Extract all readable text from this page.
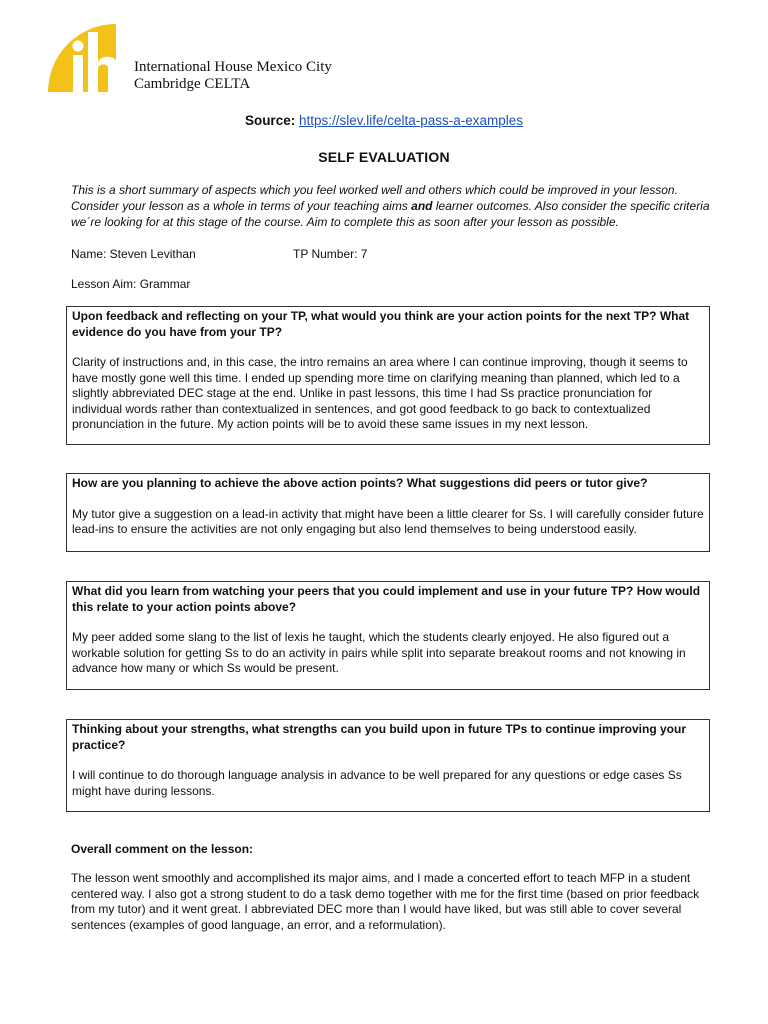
International House Mexico City
Cambridge CELTA
Source: https://slev.life/celta-pass-a-examples
SELF EVALUATION
This is a short summary of aspects which you feel worked well and others which could be improved in your lesson. Consider your lesson as a whole in terms of your teaching aims and learner outcomes. Also consider the specific criteria we´re looking for at this stage of the course. Aim to complete this as soon after your lesson as possible.
Name: Steven Levithan	TP Number: 7
Lesson Aim: Grammar
Upon feedback and reflecting on your TP, what would you think are your action points for the next TP? What evidence do you have from your TP?
Clarity of instructions and, in this case, the intro remains an area where I can continue improving, though it seems to have mostly gone well this time. I ended up spending more time on clarifying meaning than planned, which led to a slightly abbreviated DEC stage at the end. Unlike in past lessons, this time I had Ss practice pronunciation for individual words rather than contextualized in sentences, and got good feedback to go back to contextualized pronunciation in the future. My action points will be to avoid these same issues in my next lesson.
How are you planning to achieve the above action points? What suggestions did peers or tutor give?
My tutor give a suggestion on a lead-in activity that might have been a little clearer for Ss. I will carefully consider future lead-ins to ensure the activities are not only engaging but also lend themselves to being understood easily.
What did you learn from watching your peers that you could implement and use in your future TP? How would this relate to your action points above?
My peer added some slang to the list of lexis he taught, which the students clearly enjoyed. He also figured out a workable solution for getting Ss to do an activity in pairs while split into separate breakout rooms and not knowing in advance how many or which Ss would be present.
Thinking about your strengths, what strengths can you build upon in future TPs to continue improving your practice?
I will continue to do thorough language analysis in advance to be well prepared for any questions or edge cases Ss might have during lessons.
Overall comment on the lesson:
The lesson went smoothly and accomplished its major aims, and I made a concerted effort to teach MFP in a student centered way. I also got a strong student to do a task demo together with me for the first time (based on prior feedback from my tutor) and it went great. I abbreviated DEC more than I would have liked, but was still able to cover several sentences (examples of good language, an error, and a reformulation).
